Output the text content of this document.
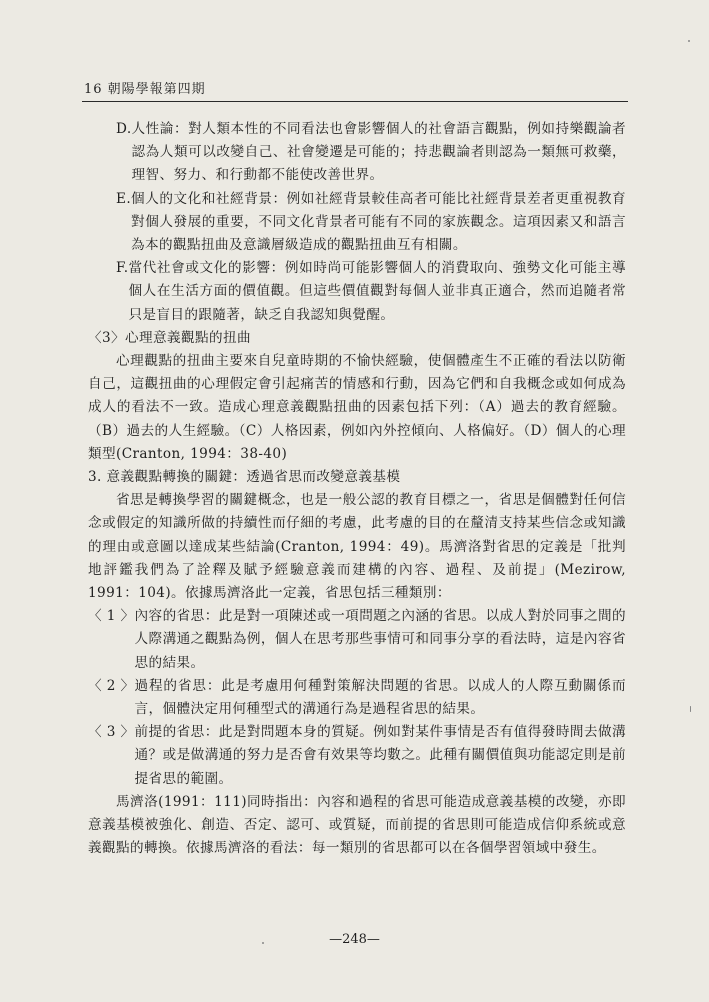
16 朝陽學報第四期
D. 人性論：對人類本性的不同看法也會影響個人的社會語言觀點，例如持樂觀論者認為人類可以改變自己、社會變遷是可能的；持悲觀論者則認為一類無可救藥，理智、努力、和行動都不能使改善世界。
E. 個人的文化和社經背景：例如社經背景較佳高者可能比社經背景差者更重視教育對個人發展的重要，不同文化背景者可能有不同的家族觀念。這項因素又和語言為本的觀點扭曲及意識層級造成的觀點扭曲互有相關。
F. 當代社會或文化的影響：例如時尚可能影響個人的消費取向、強勢文化可能主導個人在生活方面的價值觀。但這些價值觀對每個人並非真正適合，然而追隨者常只是盲目的跟隨著，缺乏自我認知與覺醒。

〈3〉心理意義觀點的扭曲

心理觀點的扭曲主要來自兒童時期的不愉快經驗，使個體產生不正確的看法以防衛自己，這觀扭曲的心理假定會引起痛苦的情感和行動，因為它們和自我概念或如何成為成人的看法不一致。造成心理意義觀點扭曲的因素包括下列：（A）過去的教育經驗。（B）過去的人生經驗。（C）人格因素，例如內外控傾向、人格偏好。（D）個人的心理類型(Cranton, 1994：38-40)

3. 意義觀點轉換的關鍵：透過省思而改變意義基模

省思是轉換學習的關鍵概念，也是一般公認的教育目標之一，省思是個體對任何信念或假定的知識所做的持續性而仔細的考慮，此考慮的目的在釐清支持某些信念或知識的理由或意圖以達成某些結論(Cranton, 1994：49)。馬濟洛對省思的定義是「批判地評鑑我們為了詮釋及賦予經驗意義而建構的內容、過程、及前提」(Mezirow, 1991：104)。依據馬濟洛此一定義，省思包括三種類別：

〈 1 〉 內容的省思：此是對一項陳述或一項問題之內涵的省思。以成人對於同事之間的人際溝通之觀點為例，個人在思考那些事情可和同事分享的看法時，這是內容省思的結果。
〈 2 〉 過程的省思：此是考慮用何種對策解決問題的省思。以成人的人際互動關係而言，個體決定用何種型式的溝通行為是過程省思的結果。
〈 3 〉 前提的省思：此是對問題本身的質疑。例如對某件事情是否有值得發時間去做溝通？或是做溝通的努力是否會有效果等均數之。此種有關價值與功能認定則是前提省思的範圍。

馬濟洛(1991：111)同時指出：內容和過程的省思可能造成意義基模的改變，亦即意義基模被強化、創造、否定、認可、或質疑，而前提的省思則可能造成信仰系統或意義觀點的轉換。依據馬濟洛的看法：每一類別的省思都可以在各個學習領域中發生。

—248—
